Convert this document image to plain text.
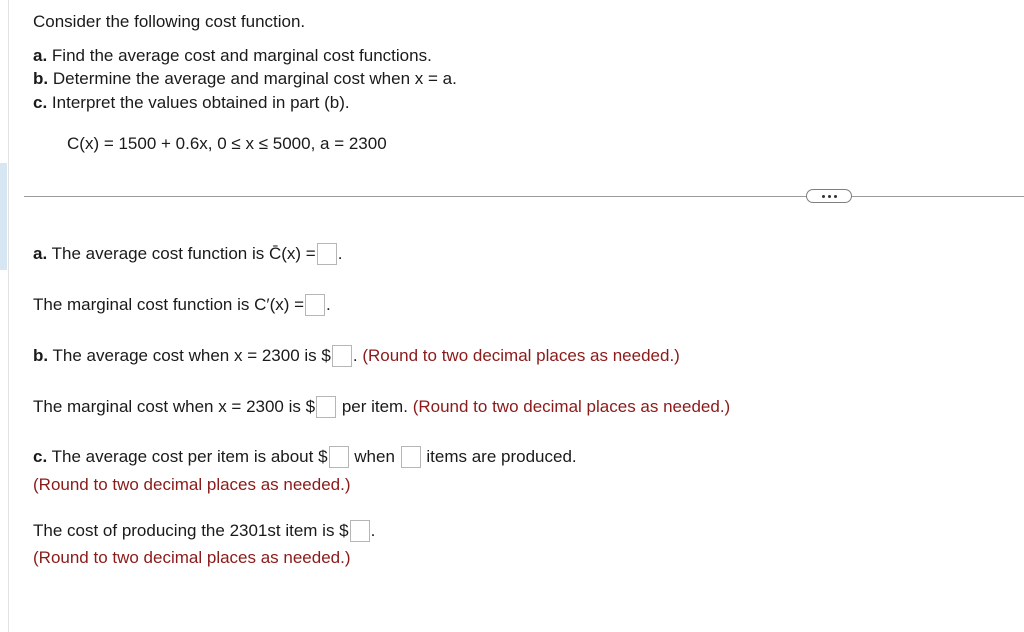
Consider the following cost function.
a. Find the average cost and marginal cost functions.
b. Determine the average and marginal cost when x = a.
c. Interpret the values obtained in part (b).
C(x) = 1500 + 0.6x, 0 ≤ x ≤ 5000, a = 2300
a. The average cost function is C̄(x) = .
The marginal cost function is C′(x) = .
b. The average cost when x = 2300 is $ . (Round to two decimal places as needed.)
The marginal cost when x = 2300 is $ per item. (Round to two decimal places as needed.)
c. The average cost per item is about $ when items are produced.
(Round to two decimal places as needed.)
The cost of producing the 2301st item is $ .
(Round to two decimal places as needed.)
